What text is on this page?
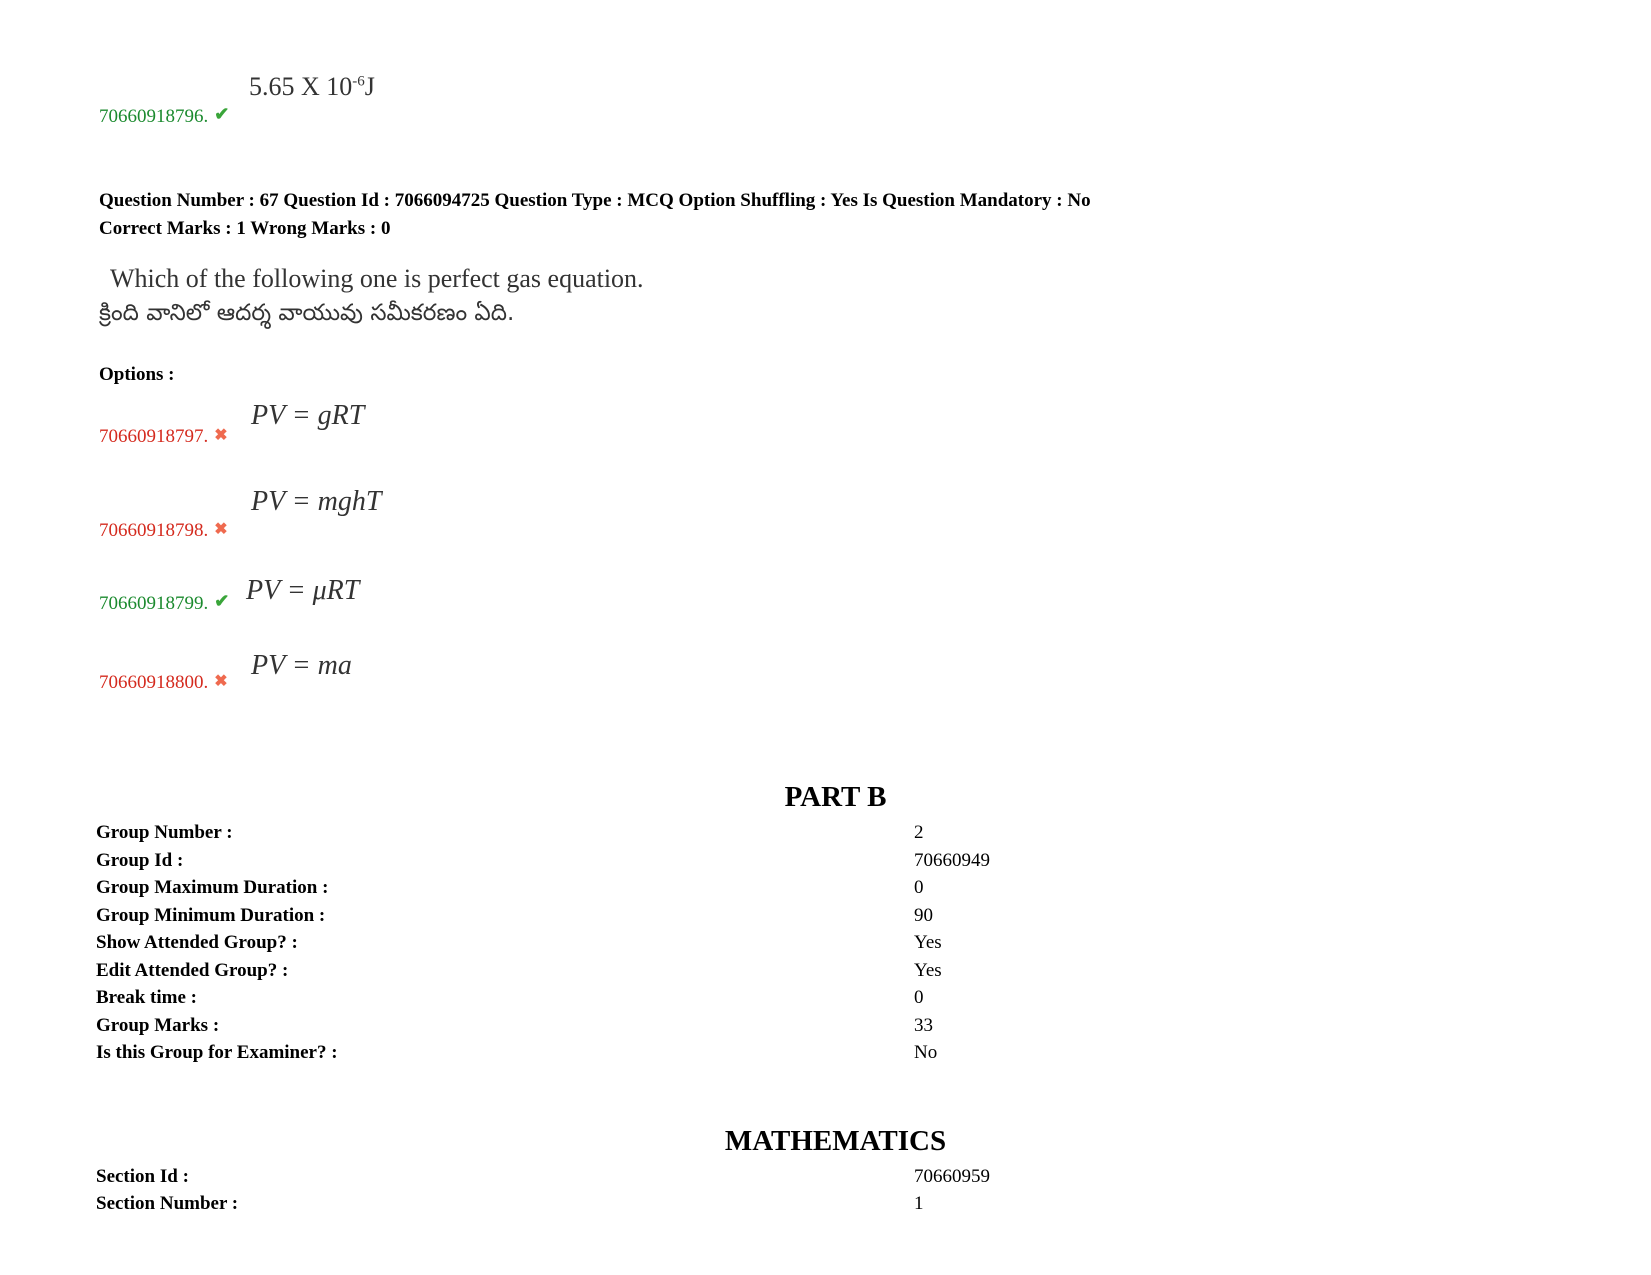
5.65 X $10^{-6}J$
70660918796. ✔
Question Number : 67 Question Id : 7066094725 Question Type : MCQ Option Shuffling : Yes Is Question Mandatory : No
Correct Marks : 1 Wrong Marks : 0
Which of the following one is perfect gas equation.
క్రింది వానిలో ఆదర్శ వాయువు సమీకరణం ఏది.
Options :
PV = gRT
70660918797. ✖
PV = mghT
70660918798. ✖
PV = μRT
70660918799. ✔
PV = ma
70660918800. ✖
PART B
Group Number :	2
Group Id :	70660949
Group Maximum Duration :	0
Group Minimum Duration :	90
Show Attended Group? :	Yes
Edit Attended Group? :	Yes
Break time :	0
Group Marks :	33
Is this Group for Examiner? :	No
MATHEMATICS
Section Id :	70660959
Section Number :	1
